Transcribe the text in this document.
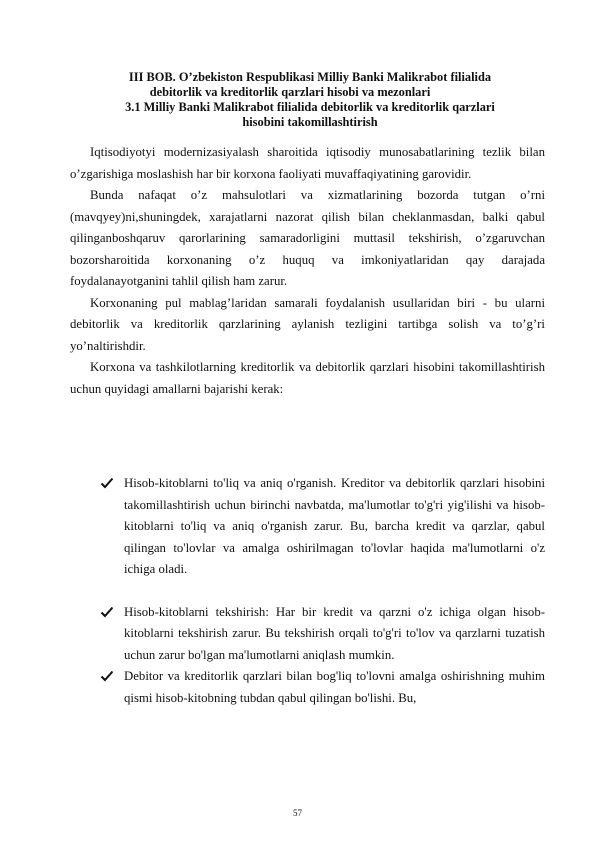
III BOB. O’zbekiston Respublikasi Milliy Banki Malikrabot filialida
debitorlik va kreditorlik qarzlari hisobi va mezonlari
3.1 Milliy Banki Malikrabot filialida debitorlik va kreditorlik qarzlari
hisobini takomillashtirish

Iqtisodiyotyi modernizasiyalash sharoitida iqtisodiy munosabatlarining tezlik bilan o’zgarishiga moslashish har bir korxona faoliyati muvaffaqiyatining garovidir.

Bunda nafaqat o’z mahsulotlari va xizmatlarining bozorda tutgan o’rni (mavqyey)ni,shuningdek, xarajatlarni nazorat qilish bilan cheklanmasdan, balki qabul qilinganboshqaruv qarorlarining samaradorligini muttasil tekshirish, o’zgaruvchan bozorsharoitida korxonaning o’z huquq va imkoniyatlaridan qay darajada foydalanayotganini tahlil qilish ham zarur.

Korxonaning pul mablag’laridan samarali foydalanish usullaridan biri - bu ularni debitorlik va kreditorlik qarzlarining aylanish tezligini tartibga solish va to’g’ri yo’naltirishdir.

Korxona va tashkilotlarning kreditorlik va debitorlik qarzlari hisobini takomillashtirish uchun quyidagi amallarni bajarishi kerak:

Hisob-kitoblarni to'liq va aniq o'rganish. Kreditor va debitorlik qarzlari hisobini takomillashtirish uchun birinchi navbatda, ma'lumotlar to'g'ri yig'ilishi va hisob-kitoblarni to'liq va aniq o'rganish zarur. Bu, barcha kredit va qarzlar, qabul qilingan to'lovlar va amalga oshirilmagan to'lovlar haqida ma'lumotlarni o'z ichiga oladi.
Hisob-kitoblarni tekshirish: Har bir kredit va qarzni o'z ichiga olgan hisob-kitoblarni tekshirish zarur. Bu tekshirish orqali to'g'ri to'lov va qarzlarni tuzatish uchun zarur bo'lgan ma'lumotlarni aniqlash mumkin.
Debitor va kreditorlik qarzlari bilan bog'liq to'lovni amalga oshirishning muhim qismi hisob-kitobning tubdan qabul qilingan bo'lishi. Bu,
57
